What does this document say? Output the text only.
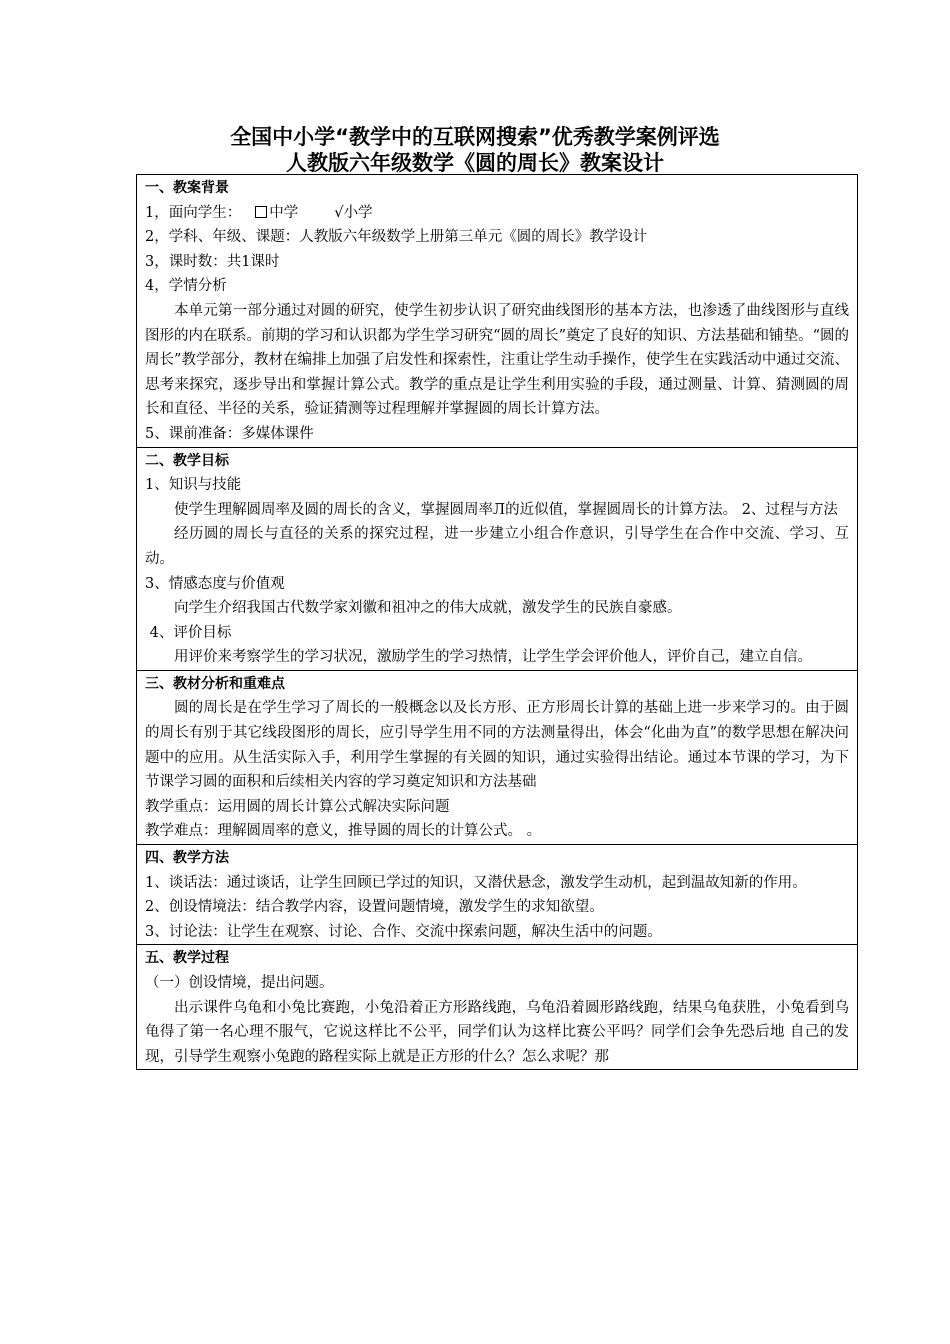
全国中小学“教学中的互联网搜索”优秀教学案例评选
人教版六年级数学《圆的周长》教案设计

一、教案背景

1，面向学生： 中学 √小学

2，学科、年级、课题：人教版六年级数学上册第三单元《圆的周长》教学设计

3，课时数：共1课时

4，学情分析

本单元第一部分通过对圆的研究，使学生初步认识了研究曲线图形的基本方法，也渗透了曲线图形与直线图形的内在联系。前期的学习和认识都为学生学习研究“圆的周长”奠定了良好的知识、方法基础和铺垫。“圆的周长”教学部分，教材在编排上加强了启发性和探索性，注重让学生动手操作，使学生在实践活动中通过交流、思考来探究，逐步导出和掌握计算公式。教学的重点是让学生利用实验的手段，通过测量、计算、猜测圆的周长和直径、半径的关系，验证猜测等过程理解并掌握圆的周长计算方法。

5、课前准备：多媒体课件

二、教学目标

1、知识与技能

使学生理解圆周率及圆的周长的含义，掌握圆周率Л的近似值，掌握圆周长的计算方法。 2、过程与方法

经历圆的周长与直径的关系的探究过程，进一步建立小组合作意识，引导学生在合作中交流、学习、互动。

3、情感态度与价值观

向学生介绍我国古代数学家刘徽和祖冲之的伟大成就，激发学生的民族自豪感。

4、评价目标

用评价来考察学生的学习状况，激励学生的学习热情，让学生学会评价他人，评价自己，建立自信。

三、教材分析和重难点

圆的周长是在学生学习了周长的一般概念以及长方形、正方形周长计算的基础上进一步来学习的。由于圆的周长有别于其它线段图形的周长，应引导学生用不同的方法测量得出，体会“化曲为直”的数学思想在解决问题中的应用。从生活实际入手，利用学生掌握的有关圆的知识，通过实验得出结论。通过本节课的学习，为下节课学习圆的面积和后续相关内容的学习奠定知识和方法基础

教学重点：运用圆的周长计算公式解决实际问题

教学难点：理解圆周率的意义，推导圆的周长的计算公式。 。

四、教学方法

1、谈话法：通过谈话，让学生回顾已学过的知识，又潜伏悬念，激发学生动机，起到温故知新的作用。

2、创设情境法：结合教学内容，设置问题情境，激发学生的求知欲望。

3、讨论法：让学生在观察、讨论、合作、交流中探索问题，解决生活中的问题。

五、教学过程

（一）创设情境，提出问题。

出示课件乌龟和小兔比赛跑，小兔沿着正方形路线跑，乌龟沿着圆形路线跑，结果乌龟获胜，小兔看到乌龟得了第一名心理不服气，它说这样比不公平，同学们认为这样比赛公平吗？同学们会争先恐后地 自己的发现，引导学生观察小兔跑的路程实际上就是正方形的什么？怎么求呢？那
